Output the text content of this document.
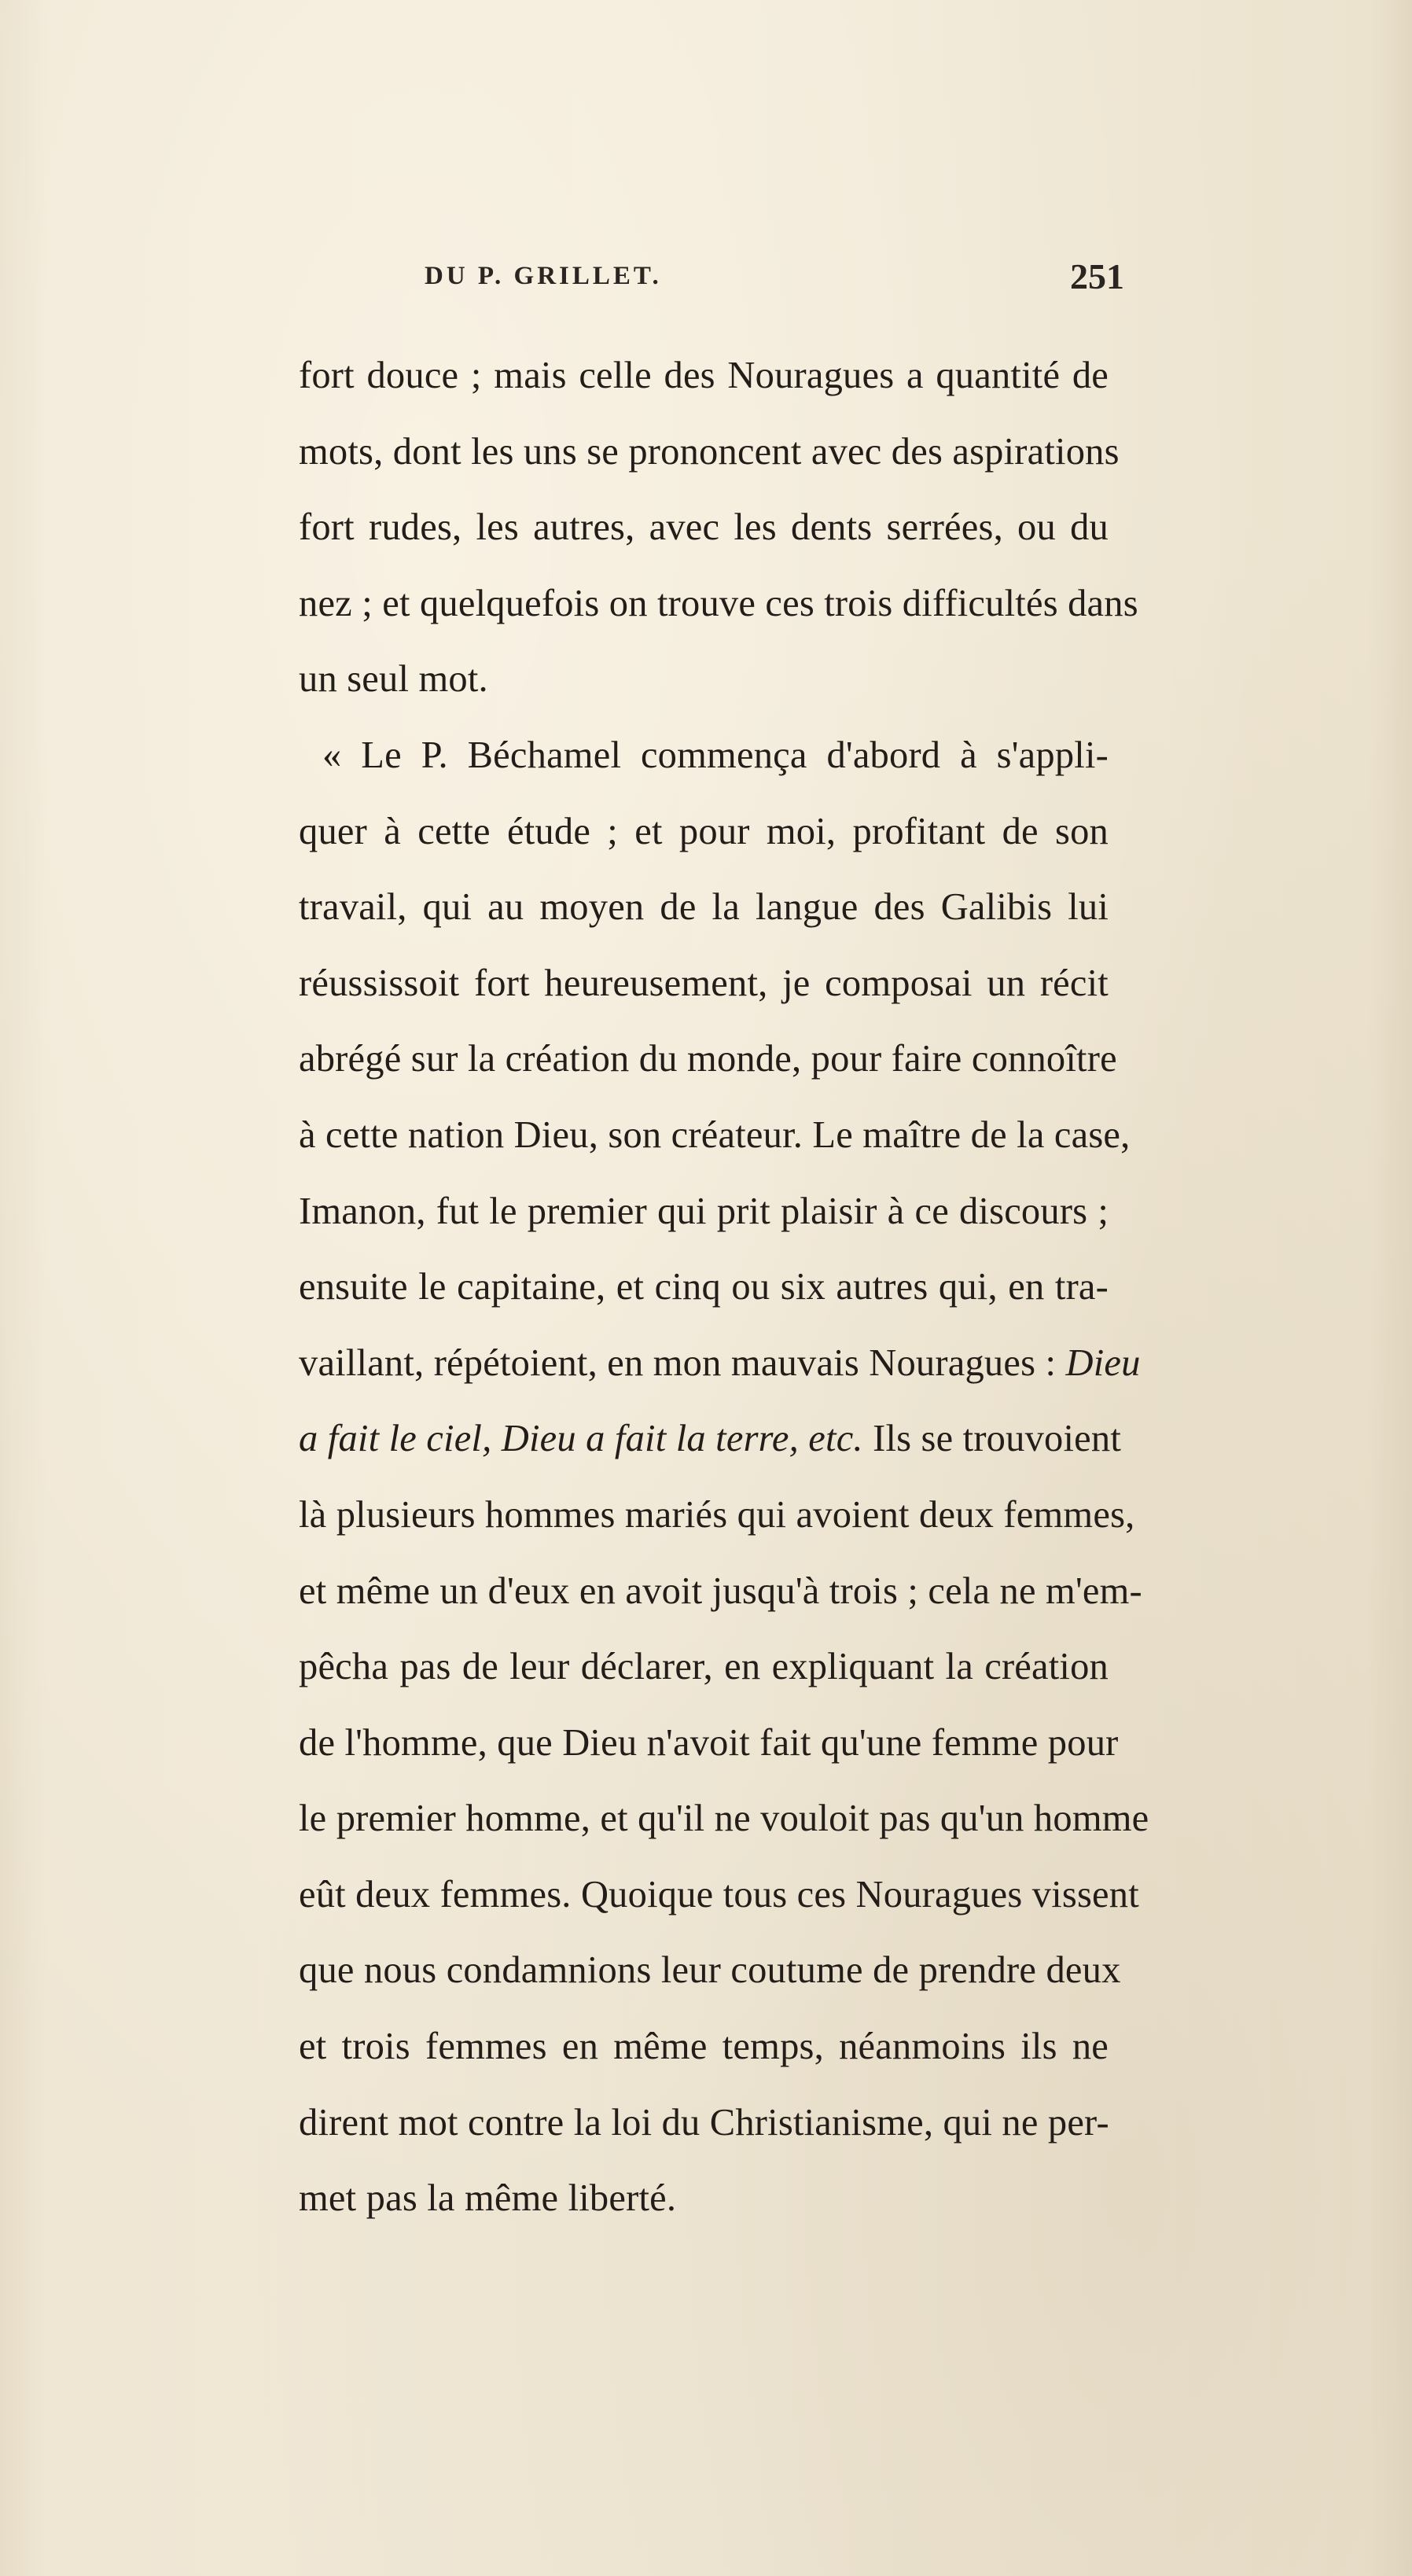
DU P. GRILLET.	251
fort douce ; mais celle des Nouragues a quantité de
mots, dont les uns se prononcent avec des aspirations
fort rudes, les autres, avec les dents serrées, ou du
nez ; et quelquefois on trouve ces trois difficultés dans
un seul mot.
« Le P. Béchamel commença d'abord à s'appli-
quer à cette étude ; et pour moi, profitant de son
travail, qui au moyen de la langue des Galibis lui
réussissoit fort heureusement, je composai un récit
abrégé sur la création du monde, pour faire connoître
à cette nation Dieu, son créateur. Le maître de la case,
Imanon, fut le premier qui prit plaisir à ce discours ;
ensuite le capitaine, et cinq ou six autres qui, en tra-
vaillant, répétoient, en mon mauvais Nouragues : Dieu
a fait le ciel, Dieu a fait la terre, etc. Ils se trouvoient
là plusieurs hommes mariés qui avoient deux femmes,
et même un d'eux en avoit jusqu'à trois ; cela ne m'em-
pêcha pas de leur déclarer, en expliquant la création
de l'homme, que Dieu n'avoit fait qu'une femme pour
le premier homme, et qu'il ne vouloit pas qu'un homme
eût deux femmes. Quoique tous ces Nouragues vissent
que nous condamnions leur coutume de prendre deux
et trois femmes en même temps, néanmoins ils ne
dirent mot contre la loi du Christianisme, qui ne per-
met pas la même liberté.
